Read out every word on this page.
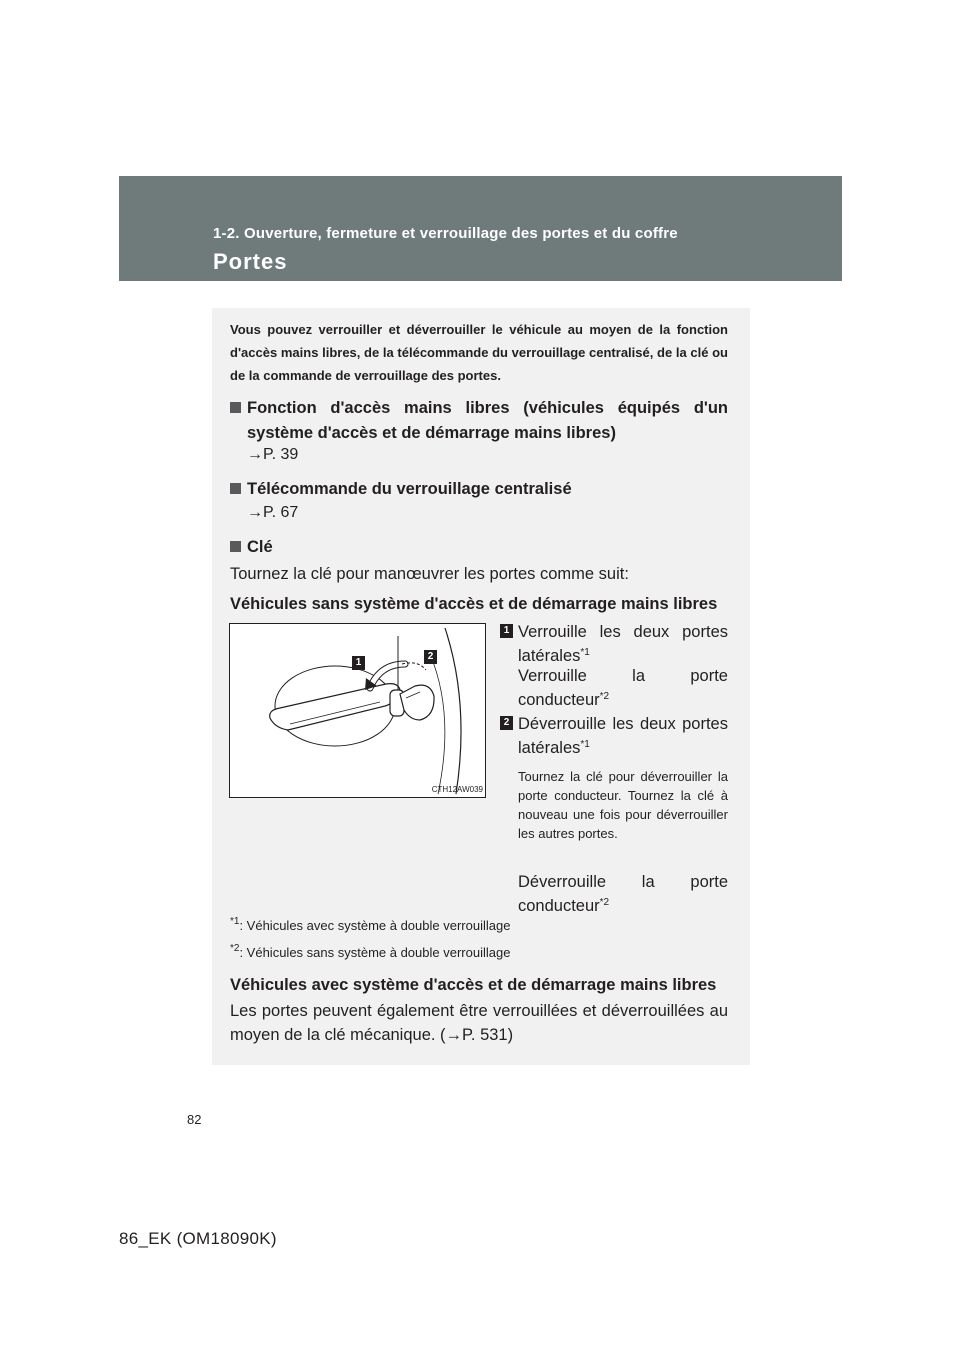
1-2. Ouverture, fermeture et verrouillage des portes et du coffre
Portes

Vous pouvez verrouiller et déverrouiller le véhicule au moyen de la fonction d'accès mains libres, de la télécommande du verrouillage centralisé, de la clé ou de la commande de verrouillage des portes.

Fonction d'accès mains libres (véhicules équipés d'un système d'accès et de démarrage mains libres)
→P. 39
Télécommande du verrouillage centralisé
→P. 67
Clé
Tournez la clé pour manœuvrer les portes comme suit:
Véhicules sans système d'accès et de démarrage mains libres
1
2
CTH12AW039
1 Verrouille les deux portes latérales$^{*1}$
Verrouille la porte conducteur$^{*2}$
2 Déverrouille les deux portes latérales$^{*1}$
Tournez la clé pour déverrouiller la porte conducteur. Tournez la clé à nouveau une fois pour déverrouiller les autres portes.
Déverrouille la porte conducteur$^{*2}$
$^{*1}$: Véhicules avec système à double verrouillage
$^{*2}$: Véhicules sans système à double verrouillage
Véhicules avec système d'accès et de démarrage mains libres
Les portes peuvent également être verrouillées et déverrouillées au moyen de la clé mécanique. (→P. 531)
82
86_EK (OM18090K)
